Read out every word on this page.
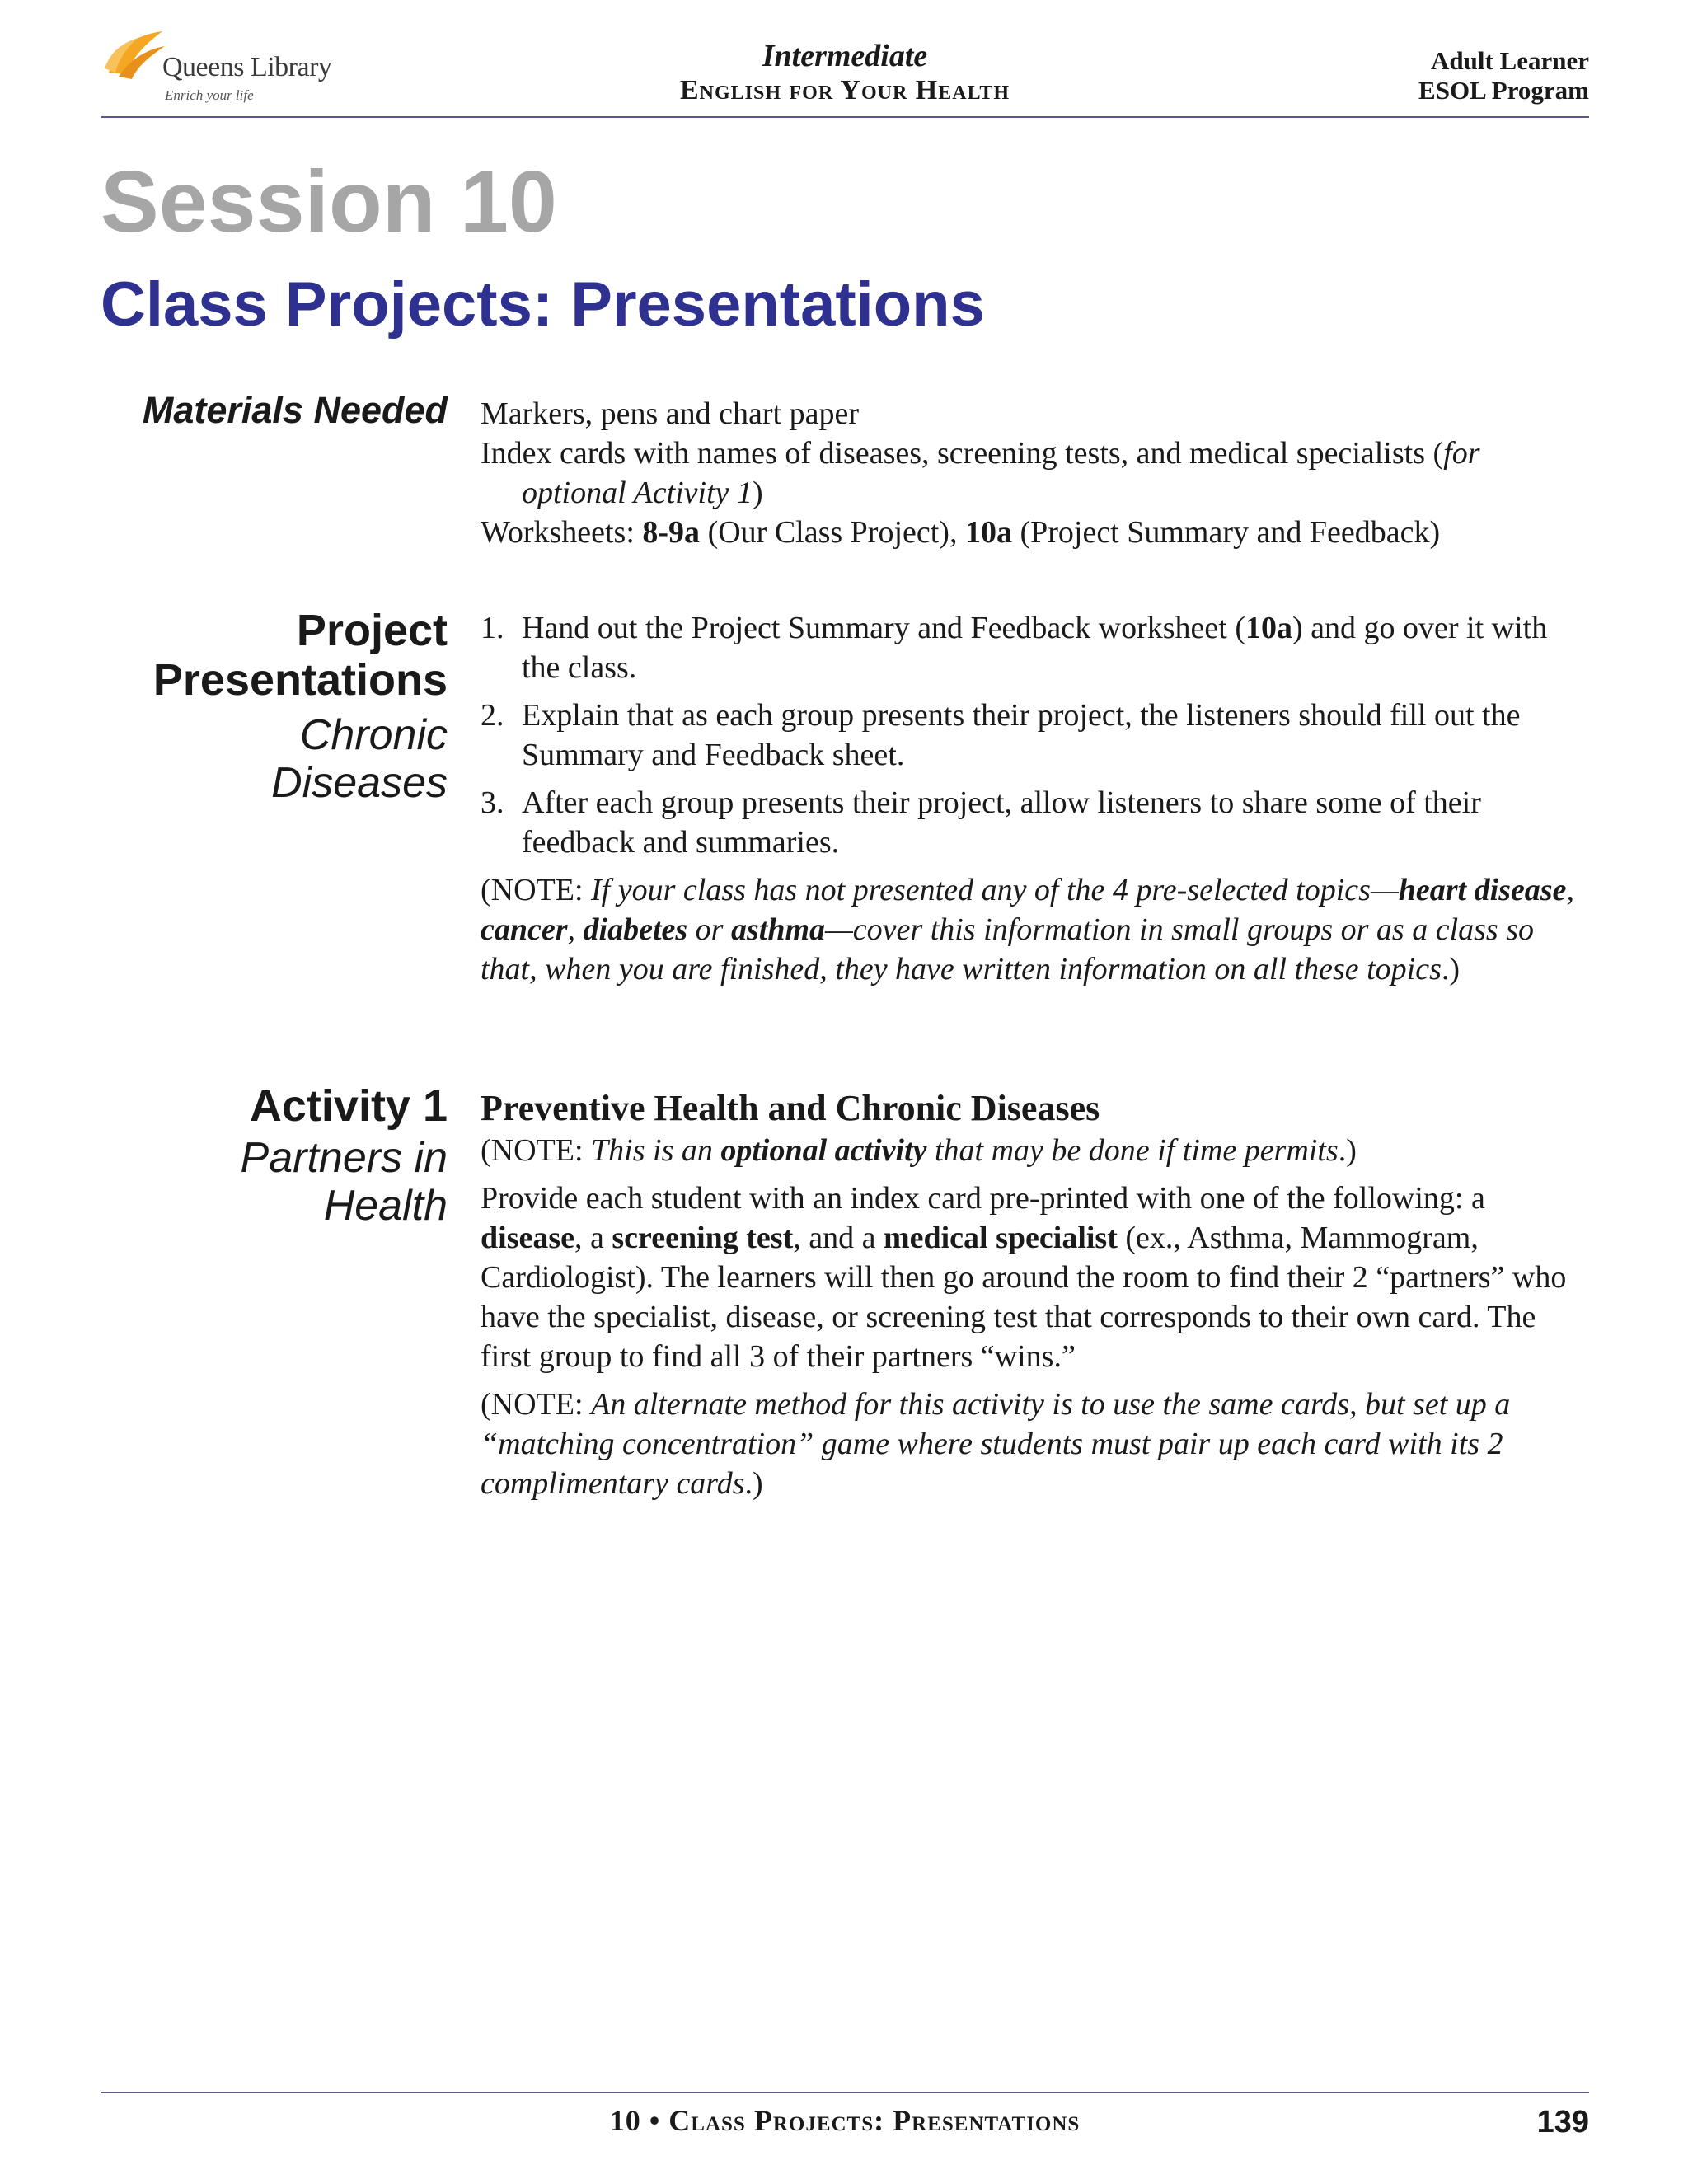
Queens Library
Enrich your life
Intermediate
English for Your Health
Adult Learner
ESOL Program
Session 10
Class Projects: Presentations
Materials Needed Markers, pens and chart paper

Index cards with names of diseases, screening tests, and medical specialists (for optional Activity 1)

Worksheets: 8-9a (Our Class Project), 10a (Project Summary and Feedback)

Project
Presentations
Chronic
Diseases

1. Hand out the Project Summary and Feedback worksheet (10a) and go over it with the class.

2. Explain that as each group presents their project, the listeners should fill out the Summary and Feedback sheet.

3. After each group presents their project, allow listeners to share some of their feedback and summaries.

(NOTE: If your class has not presented any of the 4 pre-selected topics—heart disease, cancer, diabetes or asthma—cover this information in small groups or as a class so that, when you are finished, they have written information on all these topics.)

Activity 1
Partners in
Health

Preventive Health and Chronic Diseases

(NOTE: This is an optional activity that may be done if time permits.)

Provide each student with an index card pre-printed with one of the following: a disease, a screening test, and a medical specialist (ex., Asthma, Mammogram, Cardiologist). The learners will then go around the room to find their 2 “partners” who have the specialist, disease, or screening test that corresponds to their own card. The first group to find all 3 of their partners “wins.”

(NOTE: An alternate method for this activity is to use the same cards, but set up a “matching concentration” game where students must pair up each card with its 2 complimentary cards.)

10 • Class Projects: Presentations	139
